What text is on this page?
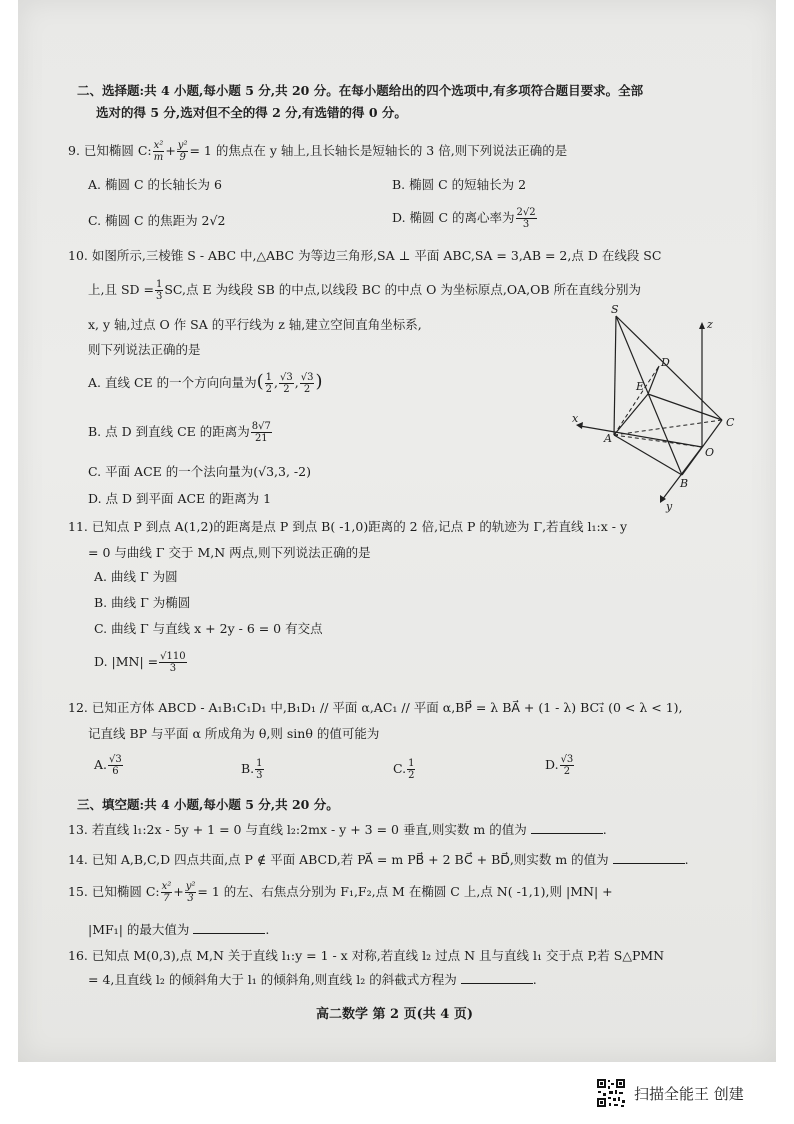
二、选择题:共 4 小题,每小题 5 分,共 20 分。在每小题给出的四个选项中,有多项符合题目要求。全部
选对的得 5 分,选对但不全的得 2 分,有选错的得 0 分。
9. 已知椭圆 C: $\frac{\text{x²}}{m} + \frac{\text{y²}}{9} = 1$ 的焦点在 y 轴上,且长轴长是短轴长的 3 倍,则下列说法正确的是
A. 椭圆 C 的长轴长为 6	B. 椭圆 C 的短轴长为 2
C. 椭圆 C 的焦距为 2√2	D. 椭圆 C 的离心率为 $\frac{2√2}{3}$
10. 如图所示,三棱锥 S - ABC 中,△ABC 为等边三角形,SA ⊥ 平面 ABC,SA = 3,AB = 2,点 D 在线段 SC
上,且 SD = $\frac{1}{3}$ SC,点 E 为线段 SB 的中点,以线段 BC 的中点 O 为坐标原点,OA,OB 所在直线分别为
x, y 轴,过点 O 作 SA 的平行线为 z 轴,建立空间直角坐标系,
则下列说法正确的是
A. 直线 CE 的一个方向向量为( $\frac{1}{2}$ , $\frac{√3}{2}$ , $\frac{√3}{2}$ )
B. 点 D 到直线 CE 的距离为 $\frac{8√7}{21}$
C. 平面 ACE 的一个法向量为(√3,3, -2)
D. 点 D 到平面 ACE 的距离为 1
S
z
D
E
x
A
C
O
B
y
11. 已知点 P 到点 A(1,2)的距离是点 P 到点 B( -1,0)距离的 2 倍,记点 P 的轨迹为 Γ,若直线 l₁:x - y
= 0 与曲线 Γ 交于 M,N 两点,则下列说法正确的是
A. 曲线 Γ 为圆
B. 曲线 Γ 为椭圆
C. 曲线 Γ 与直线 x + 2y - 6 = 0 有交点
D. $|MN| = \frac{√110}{3}$
12. 已知正方体 ABCD - A₁B₁C₁D₁ 中,B₁D₁ // 平面 α,AC₁ // 平面 α,BP⃗ = λ BA⃗ + (1 - λ) BC₁⃗ (0 < λ < 1),
记直线 BP 与平面 α 所成角为 θ,则 sinθ 的值可能为
A. $\frac{√3}{6}$	B. $\frac{1}{3}$	C. $\frac{1}{2}$	D. $\frac{√3}{2}$
三、填空题:共 4 小题,每小题 5 分,共 20 分。
13. 若直线 l₁:2x - 5y + 1 = 0 与直线 l₂:2mx - y + 3 = 0 垂直,则实数 m 的值为	.
14. 已知 A,B,C,D 四点共面,点 P ∉ 平面 ABCD,若 PA⃗ = m PB⃗ + 2 BC⃗ + BD⃗,则实数 m 的值为	.
15. 已知椭圆 C: $\frac{\text{x²}}{7} + \frac{\text{y²}}{3} = 1$ 的左、右焦点分别为 F₁,F₂,点 M 在椭圆 C 上,点 N( -1,1),则 |MN| +
|MF₁| 的最大值为	.
16. 已知点 M(0,3),点 M,N 关于直线 l₁:y = 1 - x 对称,若直线 l₂ 过点 N 且与直线 l₁ 交于点 P,若 S△PMN
= 4,且直线 l₂ 的倾斜角大于 l₁ 的倾斜角,则直线 l₂ 的斜截式方程为	.
高二数学 第 2 页(共 4 页)
扫描全能王 创建
